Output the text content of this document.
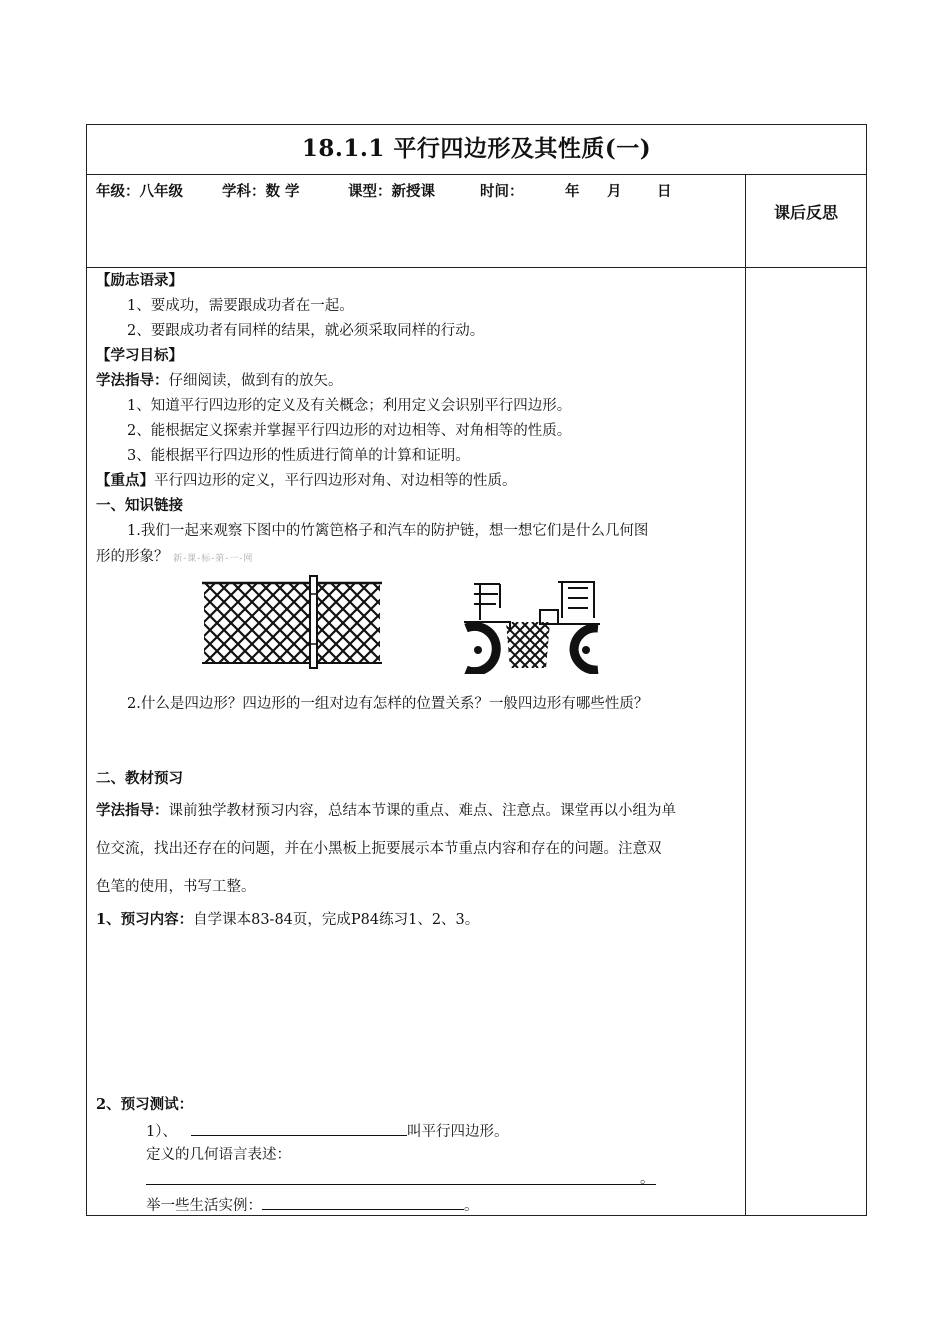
18.1.1 平行四边形及其性质(一)
年级：八年级	学科：数 学	课型：新授课	时间：	年 月 日
课后反思
【励志语录】
1、要成功，需要跟成功者在一起。
2、要跟成功者有同样的结果，就必须采取同样的行动。
【学习目标】
学法指导：仔细阅读，做到有的放矢。
1、知道平行四边形的定义及有关概念；利用定义会识别平行四边形。
2、能根据定义探索并掌握平行四边形的对边相等、对角相等的性质。
3、能根据平行四边形的性质进行简单的计算和证明。
【重点】平行四边形的定义，平行四边形对角、对边相等的性质。
一、知识链接
1.我们一起来观察下图中的竹篱笆格子和汽车的防护链，想一想它们是什么几何图
形的形象？ 新-课-标-第-一-网
2.什么是四边形？四边形的一组对边有怎样的位置关系？一般四边形有哪些性质？
二、教材预习
学法指导：课前独学教材预习内容，总结本节课的重点、难点、注意点。课堂再以小组为单
位交流，找出还存在的问题，并在小黑板上扼要展示本节重点内容和存在的问题。注意双
色笔的使用，书写工整。
1、预习内容：自学课本83-84页，完成P84练习1、2、3。
2、预习测试：
1）、	叫平行四边形。
定义的几何语言表述：
。
举一些生活实例：	。
